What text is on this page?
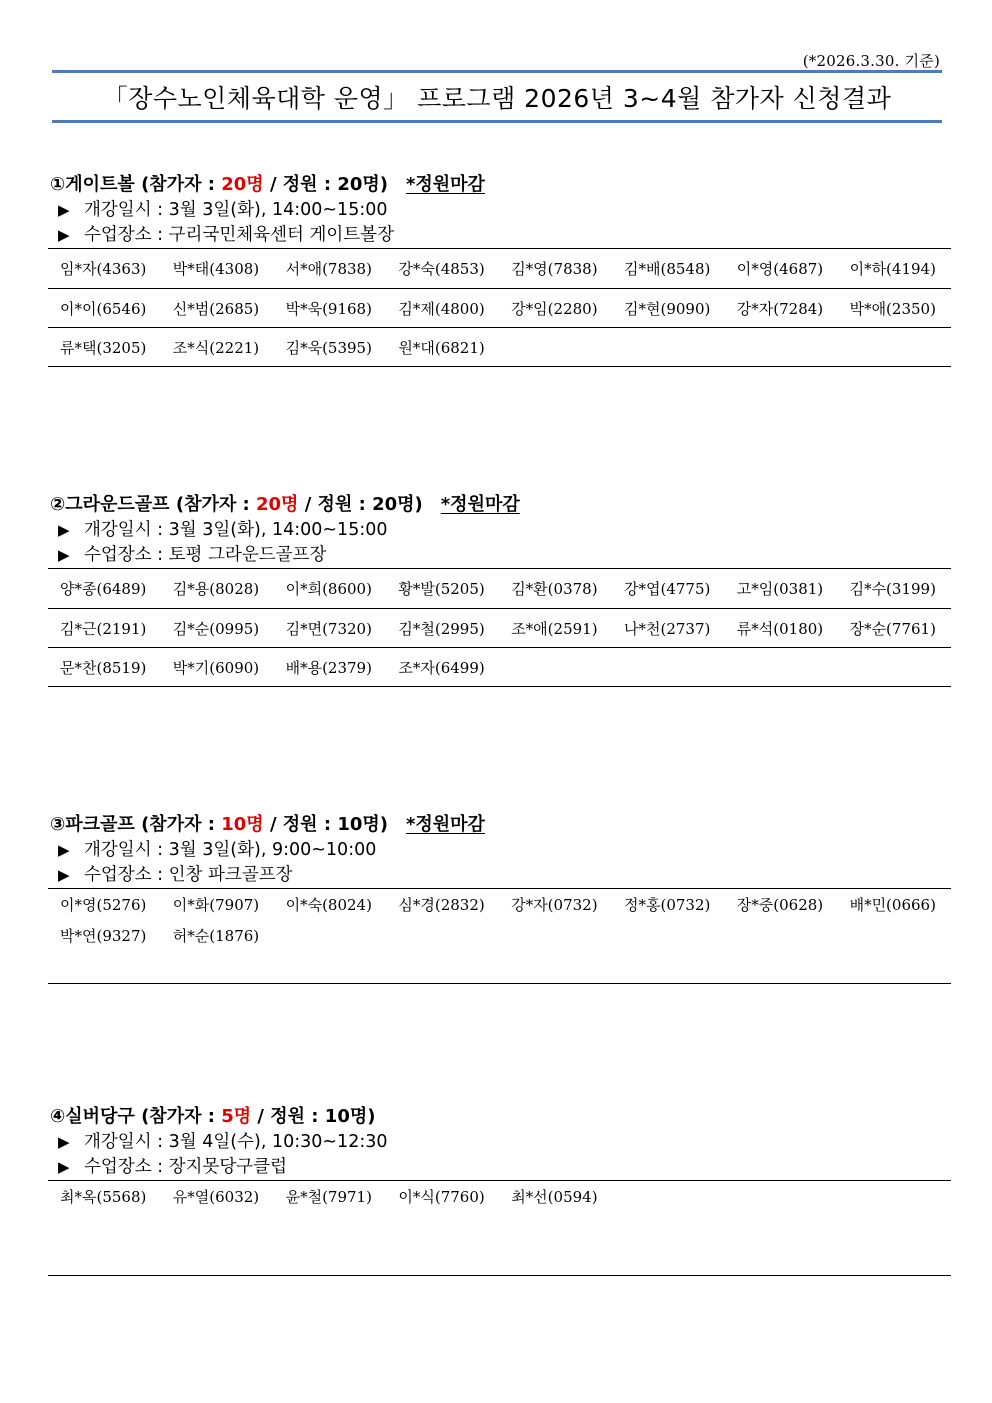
(*2026.3.30. 기준)
「장수노인체육대학 운영」 프로그램 2026년 3~4월 참가자 신청결과
①게이트볼 (참가자 : 20명 / 정원 : 20명) *정원마감
▶ 개강일시 : 3월 3일(화), 14:00~15:00
▶ 수업장소 : 구리국민체육센터 게이트볼장
임*자(4363)	박*태(4308)	서*애(7838)	강*숙(4853)	김*영(7838)	김*배(8548)	이*영(4687)	이*하(4194)
이*이(6546)	신*범(2685)	박*욱(9168)	김*제(4800)	강*임(2280)	김*현(9090)	강*자(7284)	박*애(2350)
류*택(3205)	조*식(2221)	김*욱(5395)	원*대(6821)
②그라운드골프 (참가자 : 20명 / 정원 : 20명) *정원마감
▶ 개강일시 : 3월 3일(화), 14:00~15:00
▶ 수업장소 : 토평 그라운드골프장
양*종(6489)	김*용(8028)	이*희(8600)	황*발(5205)	김*환(0378)	강*엽(4775)	고*임(0381)	김*수(3199)
김*근(2191)	김*순(0995)	김*면(7320)	김*철(2995)	조*애(2591)	나*천(2737)	류*석(0180)	장*순(7761)
문*찬(8519)	박*기(6090)	배*용(2379)	조*자(6499)
③파크골프 (참가자 : 10명 / 정원 : 10명) *정원마감
▶ 개강일시 : 3월 3일(화), 9:00~10:00
▶ 수업장소 : 인창 파크골프장
이*영(5276)	이*화(7907)	이*숙(8024)	심*경(2832)	강*자(0732)	정*홍(0732)	장*중(0628)	배*민(0666)
박*연(9327)	허*순(1876)
④실버당구 (참가자 : 5명 / 정원 : 10명)
▶ 개강일시 : 3월 4일(수), 10:30~12:30
▶ 수업장소 : 장지못당구클럽
최*옥(5568)	유*열(6032)	윤*철(7971)	이*식(7760)	최*선(0594)
